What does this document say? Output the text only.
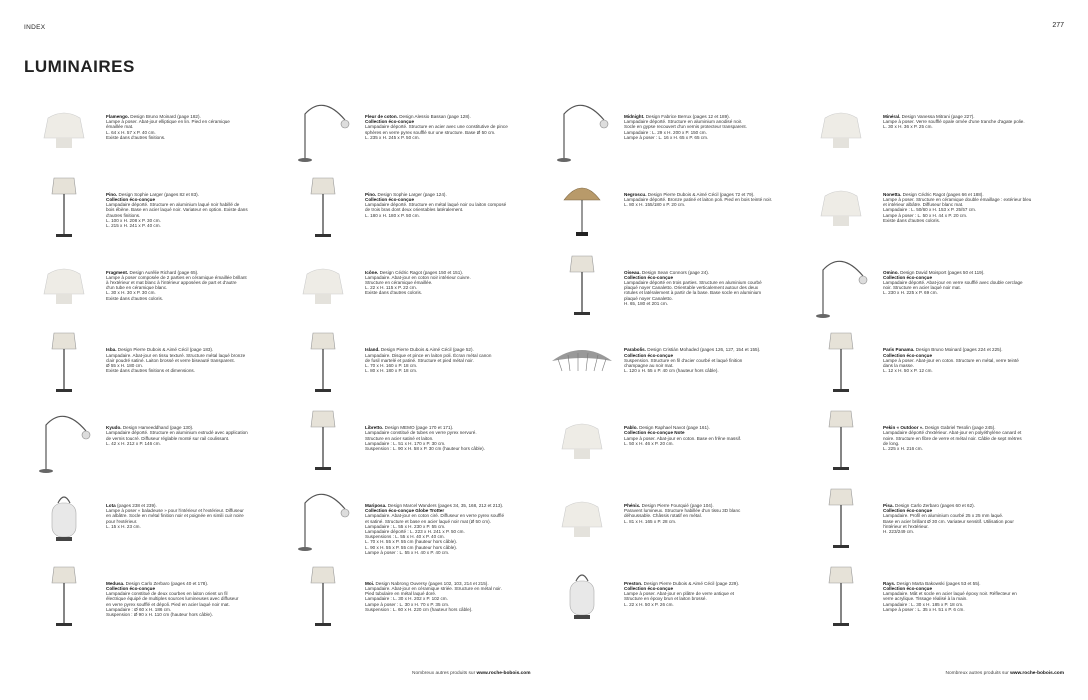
INDEX	277
LUMINAIRES
Flamengo. Design Bruno Moinard (page 182).

Lampe à poser. Abat-jour elliptique en lin. Pied en céramique
émaillée mat.
L. 64 x H. 57 x P. 40 cm.
Existe dans d'autres finitions.
Fleur de coton. Design Alessio Bassan (page 128).
Collection éco-conçue
Lampadaire déporté. Structure en acier avec une constitutive de pince
sphères en verre pyrex soufflé sur une structure. Base Ø 50 cm.
L. 235 x H. 245 x P. 50 cm.
Midnight. Design Fabrice Berrux (pages 12 et 189).

Lampadaire déporté. Structure en aluminium anodisé noir.
Socle en gypse recouvert d'un vernis protecteur transparent.
Lampadaire : L. 29 x H. 200 x P. 150 cm.
Lampe à poser : L. 16 x H. 65 x P. 65 cm.
Minéral. Design Vanessa Mitrani (page 227).

Lampe à poser. Verre soufflé opale ornée d'une tranche d'agate polie.
L. 30 x H. 36 x P. 25 cm.
Pino. Design Sophie Larger (pages 82 et 83).
Collection éco-conçue
Lampadaire déporté. Structure en aluminium laqué noir habillé de
bois ébène. Base en acier laqué noir. Variateur en option. Existe dans
d'autres finitions.
L. 100 x H. 208 x P. 30 cm.
L. 215 x H. 241 x P. 40 cm.
Pino. Design Sophie Larger (page 124).
Collection éco-conçue
Lampadaire déporté. Structure en métal laqué noir ou laiton composé
de trois bras dont deux orientables latéralement.
L. 180 x H. 180 x P. 50 cm.
Negroscu. Design Pierre Dubois & Aimé Cécil (pages 72 et 79).

Lampadaire déporté. Bronze patiné et laiton poli. Pied en bois teinté noir.
L. 80 x H. 155/180 x P. 20 cm.
Nonetta. Design Cédric Ragot (pages 66 et 188).

Lampe à poser. Structure en céramique double émaillage : extérieur bleu
et intérieur albâtre. Diffuseur blanc mat.
Lampadaire : L. 50/60 x H. 153 x P. 25/57 cm.
Lampe à poser : L. 50 x H. 44 x P. 20 cm.
Existe dans d'autres coloris.
Fragment. Design Aurélie Richard (page 65).

Lampe à poser composée de 2 parties en céramique émaillée brillant
à l'extérieur et mat blanc à l'intérieur apposées de part et d'autre
d'un tube en céramique blanc.
L. 30 x H. 30 x P. 30 cm.
Existe dans d'autres coloris.
Icône. Design Cédric Ragot (pages 150 et 151).

Lampadaire. Abat-jour en coton noir intérieur cuivre.
Structure en céramique émaillée.
L. 22 x H. 115 x P. 22 cm.
Existe dans d'autres coloris.
Oiseau. Design Sean Connors (page 24).
Collection éco-conçue
Lampadaire déporté en trois parties. Structure en aluminium courbé
plaqué noyer Canaletto. Orientable verticalement autour des deux
rotules et latéralement à partir de la base. Base socle en aluminium
plaqué noyer Canaletto.
H. 65, 180 et 201 cm.
Omino. Design David Moisport (pages 50 et 119).
Collection éco-conçue
Lampadaire déporté. Abat-jour en verre soufflé avec double cerclage
noir. Structure en acier laqué noir mat.
L. 230 x H. 225 x P. 69 cm.
Isba. Design Pierre Dubois & Aimé Cécil (page 183).

Lampadaire. Abat-jour en tissu texturé. Structure métal laqué bronze
clair poudré satiné. Laiton brossé et verre biseauté transparent.
Ø 55 x H. 180 cm.
Existe dans d'autres finitions et dimensions.
Island. Design Pierre Dubois & Aimé Cécil (page 52).

Lampadaire. Disque et pince en laiton poli. Écran métal canon
de fusil martelé et patiné. Structure et pied métal noir.
L. 70 x H. 160 x P. 18 cm.
L. 80 x H. 180 x P. 18 cm.
Parabolis. Design Cristián Mohaded (pages 126, 127, 154 et 155).
Collection éco-conçue
Suspension. Structure en fil d'acier courbé et laqué finition
champagne au noir mat.
L. 120 x H. 55 x P. 40 cm (hauteur hors câble).
Paris Panama. Design Bruno Moinard (pages 224 et 225).
Collection éco-conçue
Lampe à poser. Abat-jour en coton. Structure en métal, verre teinté
dans la masse.
L. 12 x H. 50 x P. 12 cm.
Kyudo. Design Hameeddhand (page 130).

Lampadaire déporté. Structure en aluminium extrudé avec application
de vernis toucré. Diffuseur réglable monté sur rail coulissant.
L. 42 x H. 212 x P. 146 cm.
Libretto. Design MEMO (page 170 et 171).

Lampadaire constitué de tubes en verre pyrex nervuré.
Structure en acier satiné et laiton.
Lampadaire : L. 51 x H. 170 x P. 30 cm.
Suspension : L. 90 x H. 58 x P. 30 cm (hauteur hors câble).
Pablo. Design Raphael Navot (page 161).
Collection éco-conçue Note
Lampe à poser. Abat-jour en coton. Base en frêne massif.
L. 50 x H. 46 x P. 20 cm.
Pekin « Outdoor ». Design Gabriel Tesolin (page 245).

Lampadaire déporté d'extérieur. Abat-jour en polyéthylène canard et
noire. Structure en fibre de verre et métal noir. Câble de sept mètres
de long.
L. 225 x H. 216 cm.
Lota (pages 238 et 239).

Lampe à poser « baladeuse » pour l'intérieur et l'extérieur. Diffuseur
en albâtre. Socle en métal finition noir et poignée en simili cuir noire
pour l'extérieur.
L. 15 x H. 23 cm.
Mariposa. Design Marcel Wanders (pages 34, 35, 168, 212 et 213).
Collection éco-conçue Globe Trotter
Lampadaire. Abat-jour en coton ciré. Diffuseur en verre pyrex soufflé
et satiné. Structure et base en acier laqué noir mat (Ø 50 cm).
Lampadaire : L. 55 x H. 230 x P. 55 cm.
Lampadaire déporté : L. 223 x H. 241 x P. 50 cm.
Suspensions : L. 55 x H. 40 x P. 40 cm.
L. 70 x H. 55 x P. 55 cm (hauteur hors câble).
L. 90 x H. 55 x P. 55 cm (hauteur hors câble).
Lampe à poser : L. 55 x H. 40 x P. 40 cm.
Phénix. Design Pierre Fourquié (page 104).

Paravent lumineux. Structure habillée d'un tissu 3D blanc
déhoussable. Châssis rotatif en métal.
L. 81 x H. 165 x P. 28 cm.
Pisa. Design Carlo Zerbaro (pages 60 et 62).
Collection éco-conçue
Lampadaire. Profil en aluminium courbé 25 x 25 mm laqué.
Base en acier brillant Ø 30 cm. Variateur sensitif. Utilisation pour
l'intérieur et l'extérieur.
H. 223/249 cm.
Medusa. Design Carlo Zerbaro (pages 40 et 178).
Collection éco-conçue
Lampadaire constitué de deux courbes en laiton orient un fil
électrique équipé de multiples sources lumineuses avec diffuseur
en verre pyrex soufflé et dépoli. Pied en acier laqué noir mat.
Lampadaire : Ø 60 x H. 186 cm.
Suspension : Ø 90 x H. 110 cm (hauteur hors câble).
Moi. Design Nabrong Ouversy (pages 102, 103, 214 et 215).

Lampadaire. Abat-jour en céramique striée. Structure en métal noir.
Pied tubulaire en métal laqué doré.
Lampadaire : L. 30 x H. 202 x P. 102 cm.
Lampe à poser : L. 30 x H. 70 x P. 35 cm.
Suspension : L. 60 x H. 220 cm (hauteur hors câble).
Preston. Design Pierre Dubois & Aimé Cécil (page 229).
Collection éco-conçue
Lampe à poser. Abat-jour en plâtre de verre antique et
Structure en époxy brun et laiton brossé.
L. 22 x H. 50 x P. 26 cm.
Rays. Design Marta Bakowski (pages 53 et 55).
Collection éco-conçue
Lampadaire. Mât et socle en acier laqué époxy noir. Réflecteur en
verre acrylique. Tissage réalisé à la main.
Lampadaire : L. 30 x H. 185 x P. 18 cm.
Lampe à poser : L. 35 x H. 51 x P. 6 cm.
Nombreux autres produits sur www.roche-bobois.com	Nombreux autres produits sur www.roche-bobois.com
